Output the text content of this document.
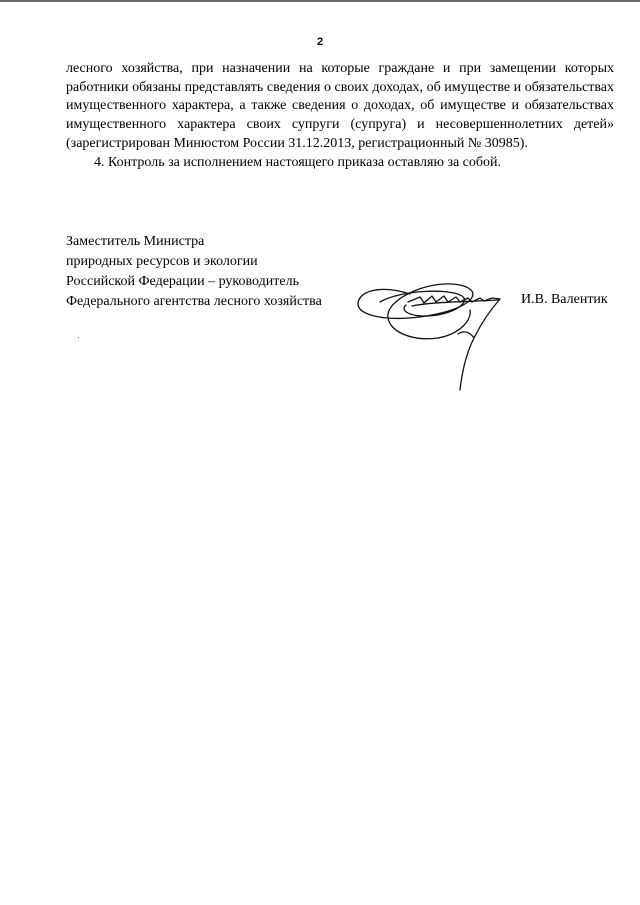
2

лесного хозяйства, при назначении на которые граждане и при замещении которых работники обязаны представлять сведения о своих доходах, об имуществе и обязательствах имущественного характера, а также сведения о доходах, об имуществе и обязательствах имущественного характера своих супруги (супруга) и несовершеннолетних детей» (зарегистрирован Минюстом России 31.12.2013, регистрационный № 30985).

4. Контроль за исполнением настоящего приказа оставляю за собой.

Заместитель Министра
природных ресурсов и экологии
Российской Федерации – руководитель
Федерального агентства лесного хозяйства	И.В. Валентик
